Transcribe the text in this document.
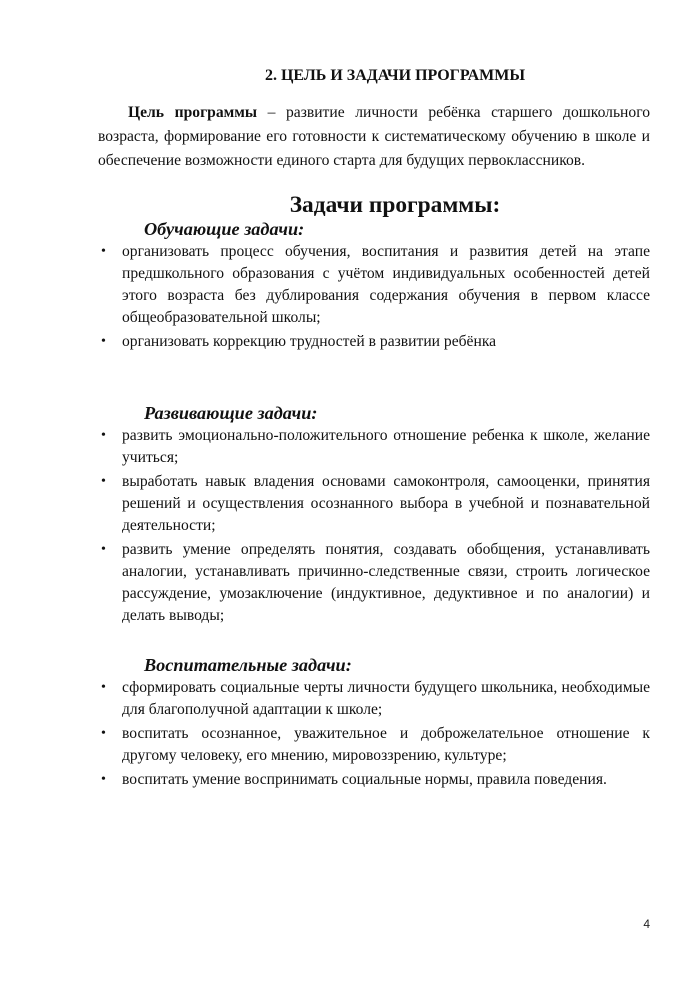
2. ЦЕЛЬ И ЗАДАЧИ ПРОГРАММЫ

Цель программы – развитие личности ребёнка старшего дошкольного возраста, формирование его готовности к систематическому обучению в школе и обеспечение возможности единого старта для будущих первоклассников.

Задачи программы:
Обучающие задачи:
• организовать процесс обучения, воспитания и развития детей на этапе предшкольного образования с учётом индивидуальных особенностей детей этого возраста без дублирования содержания обучения в первом классе общеобразовательной школы;
• организовать коррекцию трудностей в развитии ребёнка
Развивающие задачи:
• развить эмоционально-положительного отношение ребенка к школе, желание учиться;
• выработать навык владения основами самоконтроля, самооценки, принятия решений и осуществления осознанного выбора в учебной и познавательной деятельности;
• развить умение определять понятия, создавать обобщения, устанавливать аналогии, устанавливать причинно-следственные связи, строить логическое рассуждение, умозаключение (индуктивное, дедуктивное и по аналогии) и делать выводы;
Воспитательные задачи:
• сформировать социальные черты личности будущего школьника, необходимые для благополучной адаптации к школе;
• воспитать осознанное, уважительное и доброжелательное отношение к другому человеку, его мнению, мировоззрению, культуре;
• воспитать умение воспринимать социальные нормы, правила поведения.
4
